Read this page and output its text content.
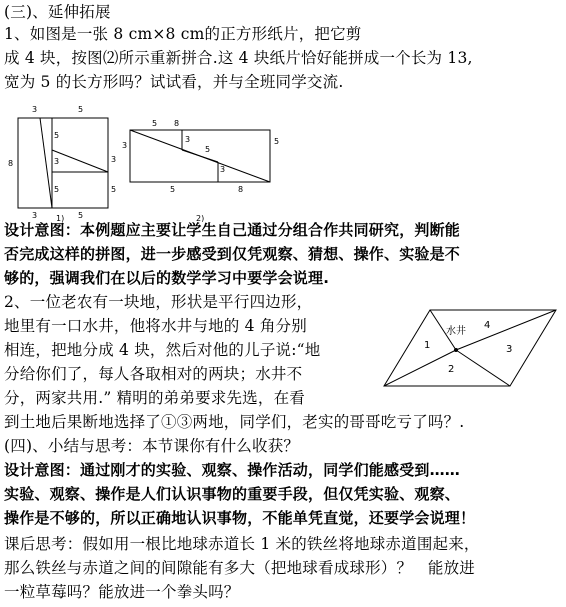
(三)、延伸拓展
1、如图是一张 8 cm×8 cm的正方形纸片，把它剪
成 4 块，按图⑵所示重新拼合.这 4 块纸片恰好能拼成一个长为 13,
宽为 5 的长方形吗？试试看，并与全班同学交流.
3	5
8
5
3	3
5
5
3	5
5 8
3
3
5
5
3
5	8
1)	2)
设计意图：本例题应主要让学生自己通过分组合作共同研究，判断能
否完成这样的拼图，进一步感受到仅凭观察、猜想、操作、实验是不
够的，强调我们在以后的数学学习中要学会说理.
2、一位老农有一块地，形状是平行四边形，
地里有一口水井，他将水井与地的 4 角分别
相连，把地分成 4 块，然后对他的儿子说:“地
分给你们了，每人各取相对的两块；水井不
分，两家共用.” 精明的弟弟要求先选，在看
到土地后果断地选择了①③两地，同学们，老实的哥哥吃亏了吗？.
水井
1
2
3
4
(四)、小结与思考：本节课你有什么收获？
设计意图：通过刚才的实验、观察、操作活动，同学们能感受到……
实验、观察、操作是人们认识事物的重要手段，但仅凭实验、观察、
操作是不够的，所以正确地认识事物，不能单凭直觉，还要学会说理！
课后思考：假如用一根比地球赤道长 1 米的铁丝将地球赤道围起来，
那么铁丝与赤道之间的间隙能有多大（把地球看成球形）？　能放进
一粒草莓吗？能放进一个拳头吗？
